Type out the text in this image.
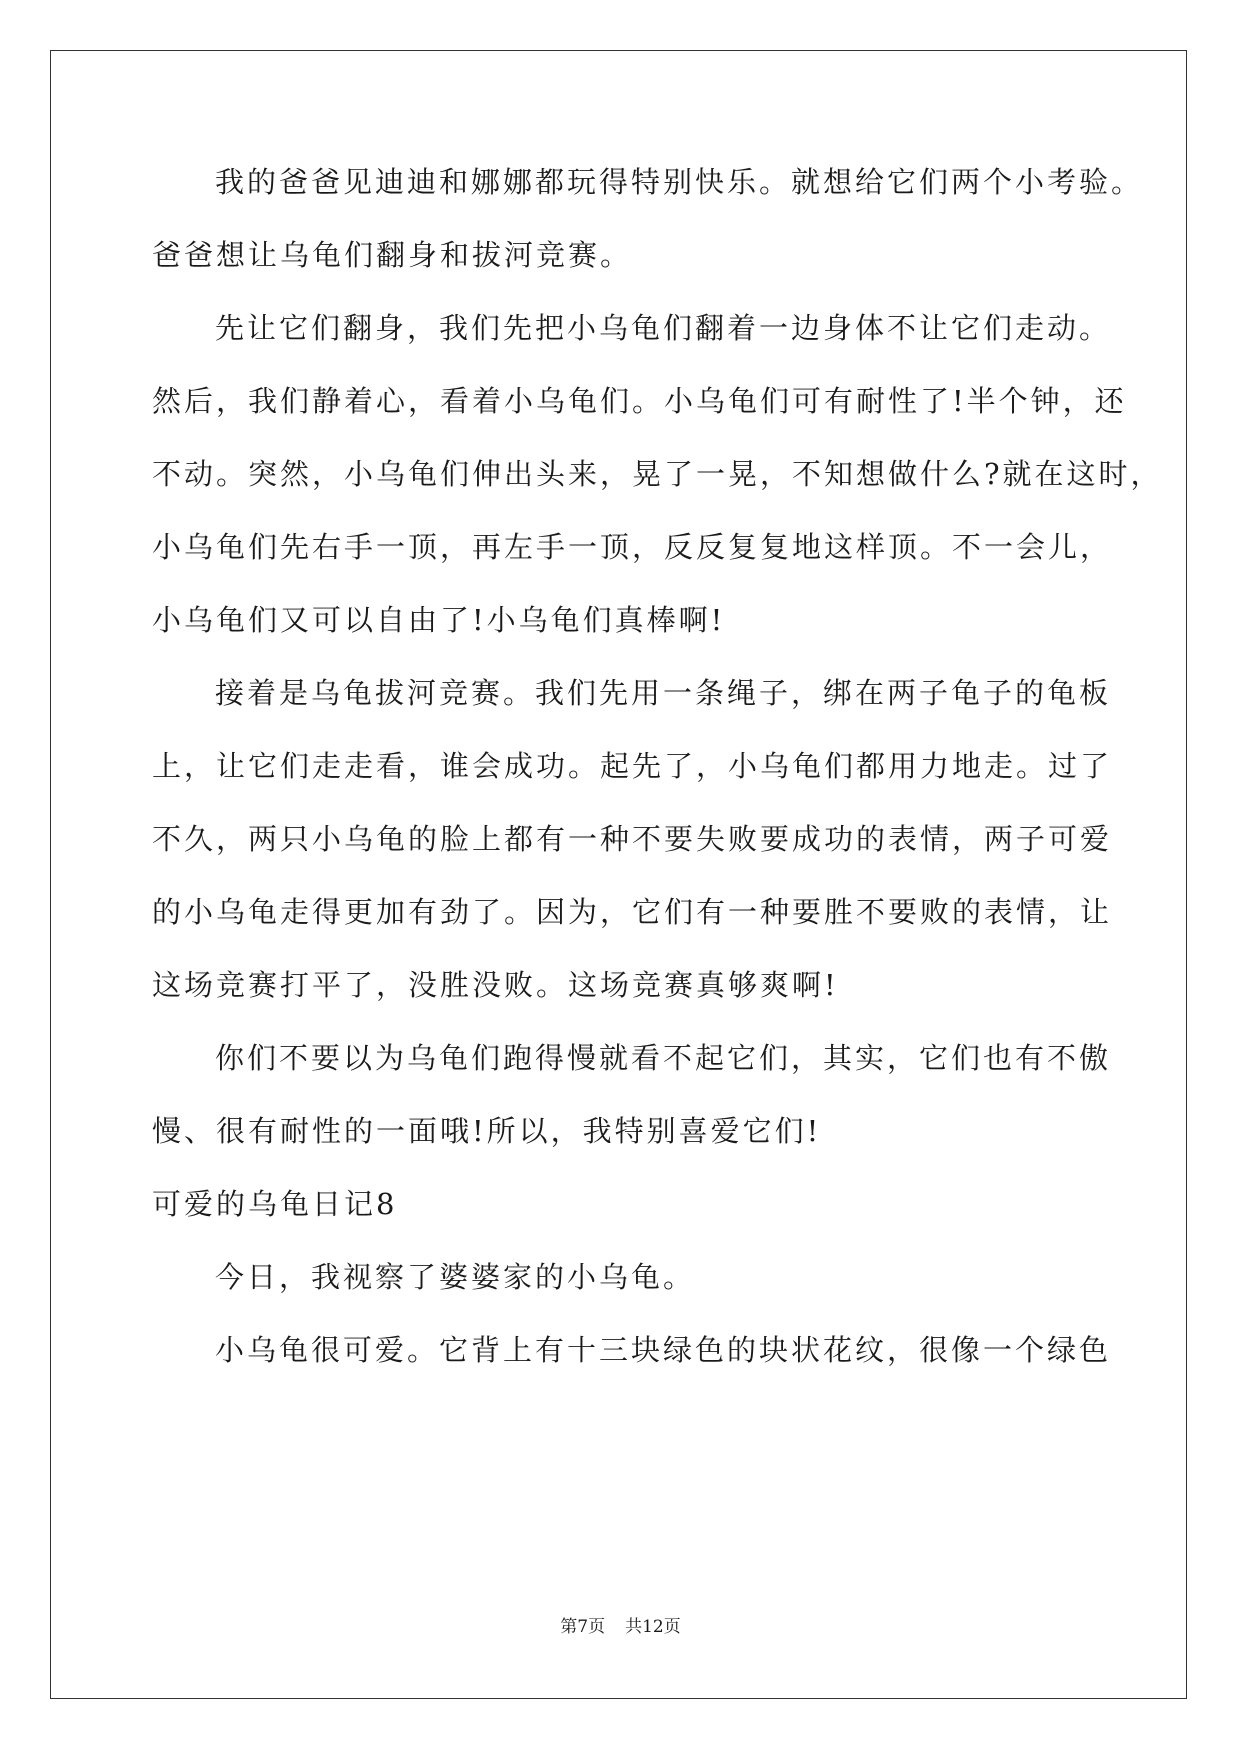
我的爸爸见迪迪和娜娜都玩得特别快乐。就想给它们两个小考验。
爸爸想让乌龟们翻身和拔河竞赛。
先让它们翻身，我们先把小乌龟们翻着一边身体不让它们走动。
然后，我们静着心，看着小乌龟们。小乌龟们可有耐性了!半个钟，还
不动。突然，小乌龟们伸出头来，晃了一晃，不知想做什么?就在这时，
小乌龟们先右手一顶，再左手一顶，反反复复地这样顶。不一会儿，
小乌龟们又可以自由了!小乌龟们真棒啊!
接着是乌龟拔河竞赛。我们先用一条绳子，绑在两子龟子的龟板
上，让它们走走看，谁会成功。起先了，小乌龟们都用力地走。过了
不久，两只小乌龟的脸上都有一种不要失败要成功的表情，两子可爱
的小乌龟走得更加有劲了。因为，它们有一种要胜不要败的表情，让
这场竞赛打平了，没胜没败。这场竞赛真够爽啊!
你们不要以为乌龟们跑得慢就看不起它们，其实，它们也有不傲
慢、很有耐性的一面哦!所以，我特别喜爱它们!
可爱的乌龟日记8
今日，我视察了婆婆家的小乌龟。
小乌龟很可爱。它背上有十三块绿色的块状花纹，很像一个绿色
第7页 共12页
